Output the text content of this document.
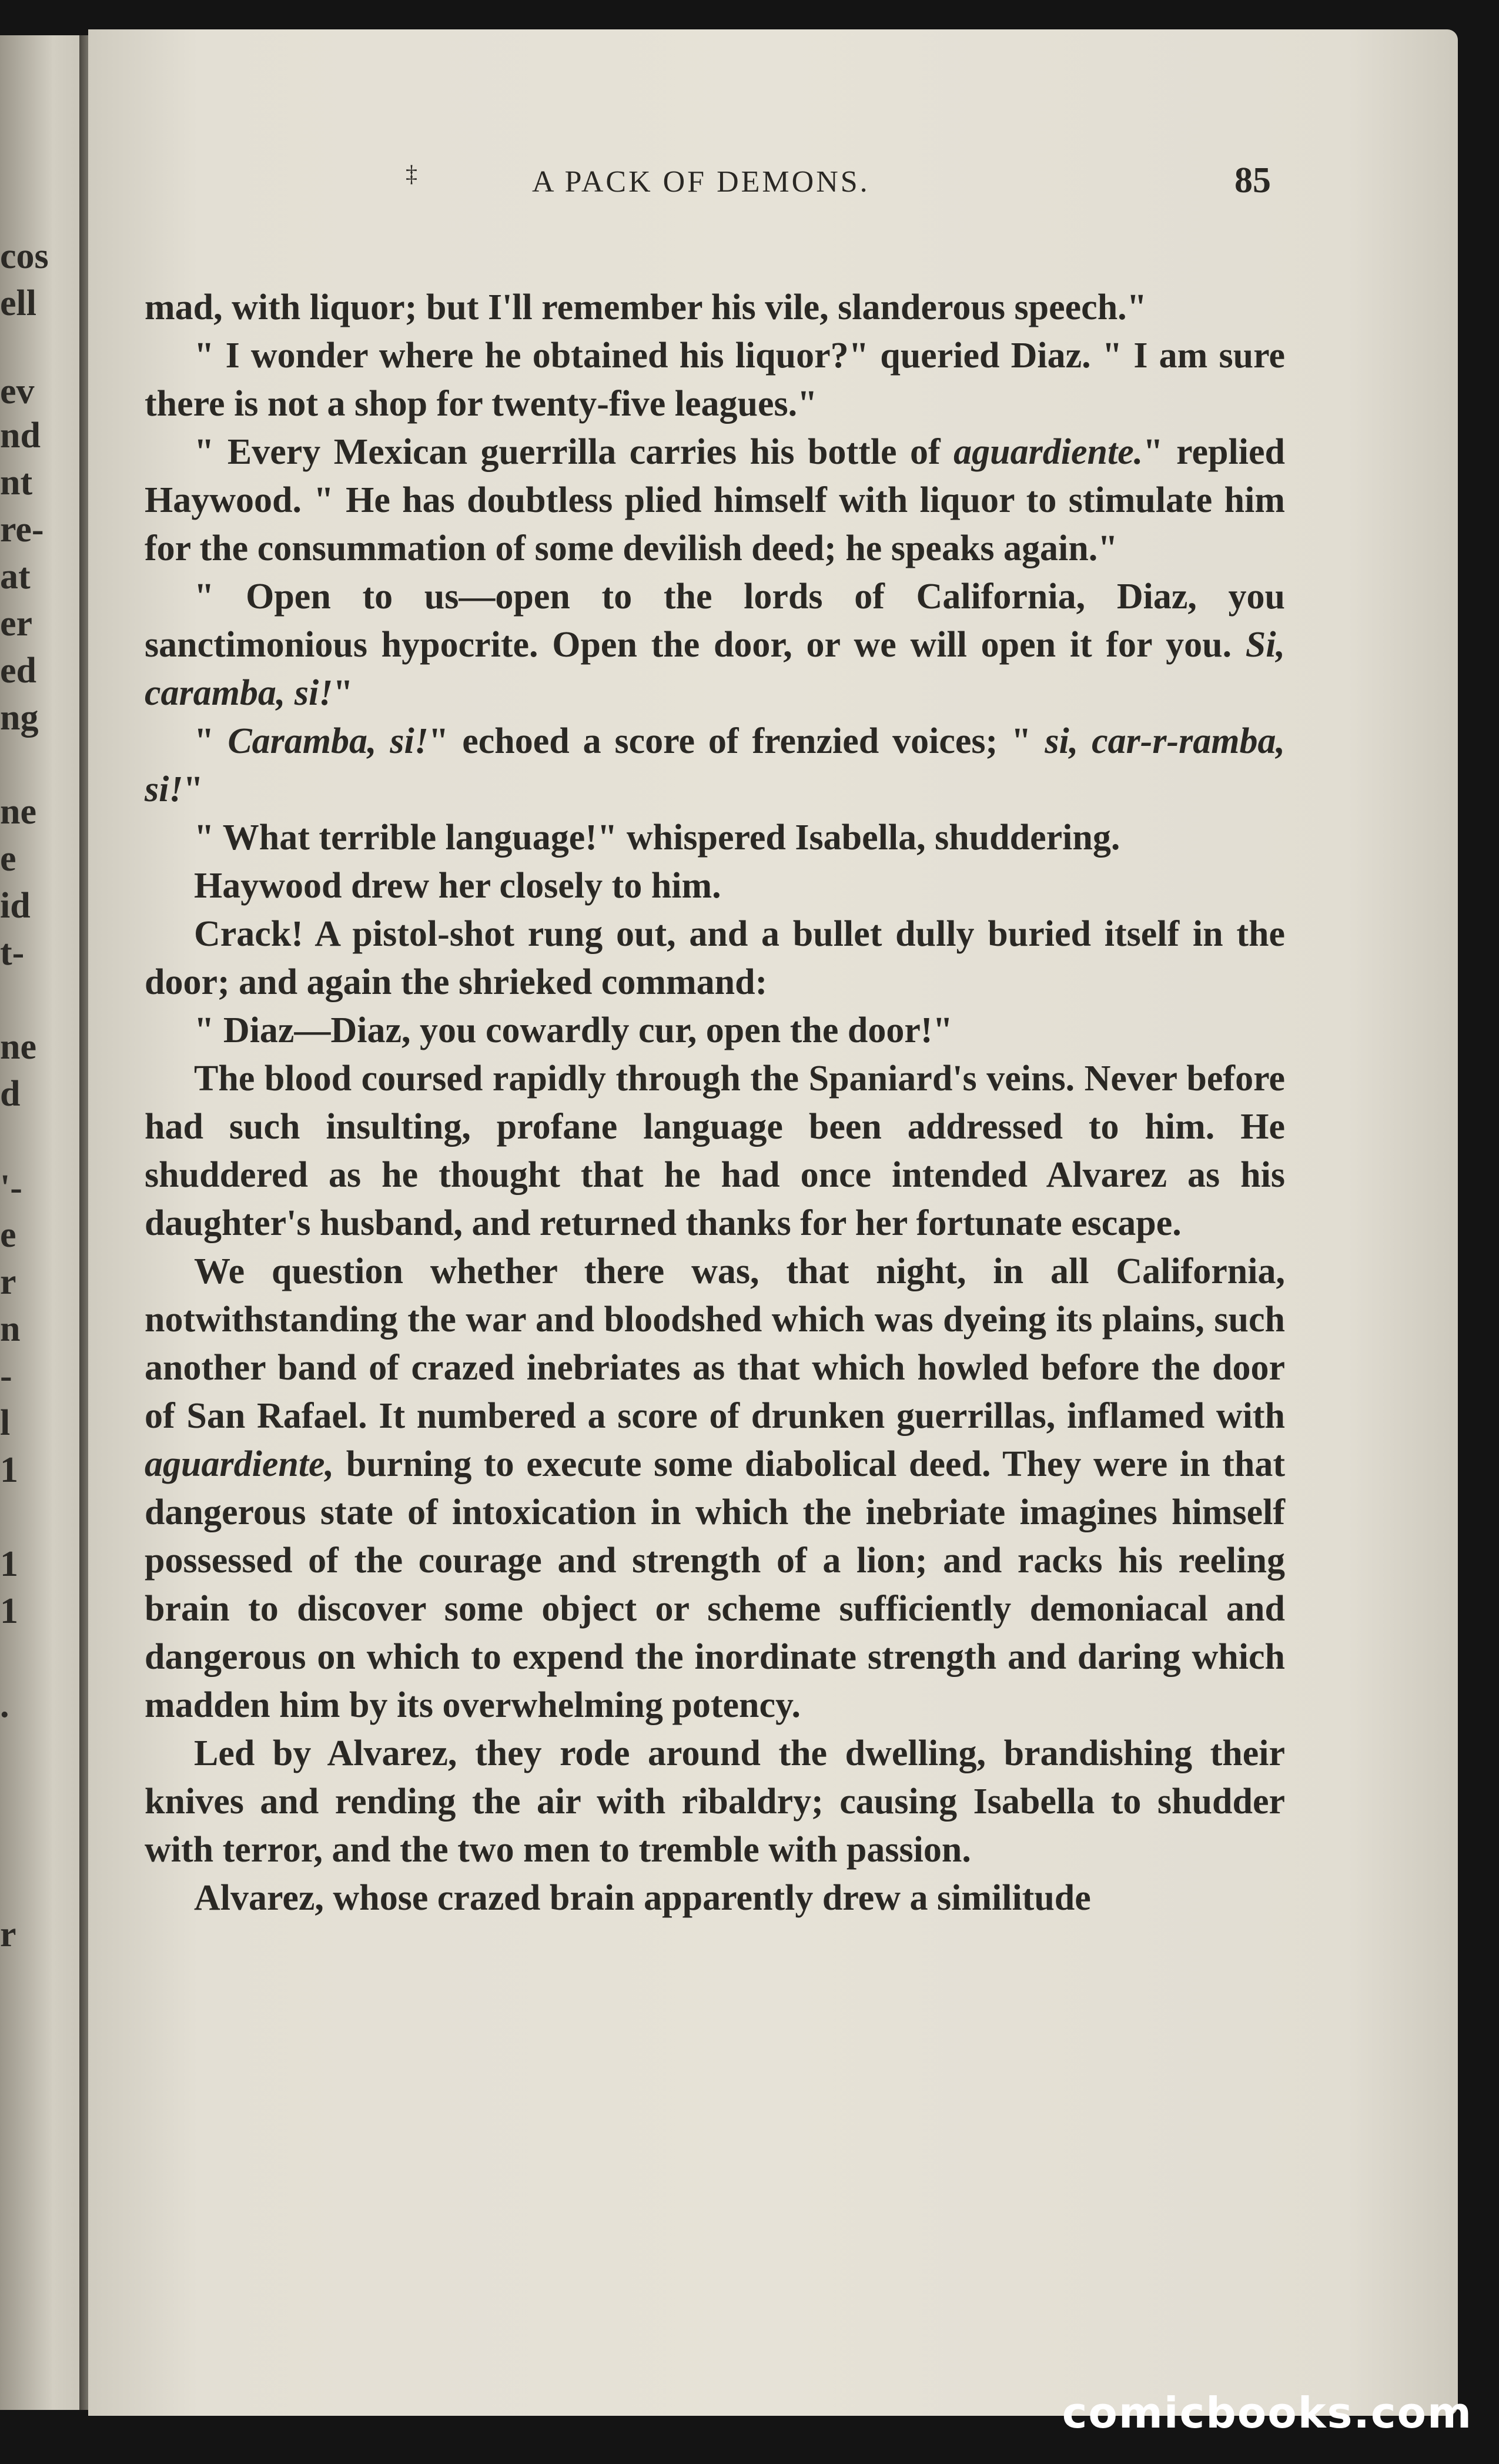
cos
ell
ev
nd
nt
re-
at
er
ed
ng
ne
e
id
t-
ne
d
'-
e
r
n
-
l
1
1
1
.
r
‡	A PACK OF DEMONS.	85

mad, with liquor; but I'll remember his vile, slanderous speech."

" I wonder where he obtained his liquor?" queried Diaz. " I am sure there is not a shop for twenty-five leagues."

" Every Mexican guerrilla carries his bottle of aguardiente." replied Haywood. " He has doubtless plied himself with liquor to stimulate him for the consummation of some devilish deed; he speaks again."

" Open to us—open to the lords of California, Diaz, you sanctimonious hypocrite. Open the door, or we will open it for you. Si, caramba, si!"

" Caramba, si!" echoed a score of frenzied voices; " si, car-r-ramba, si!"

" What terrible language!" whispered Isabella, shuddering.

Haywood drew her closely to him.

Crack! A pistol-shot rung out, and a bullet dully buried itself in the door; and again the shrieked command:

" Diaz—Diaz, you cowardly cur, open the door!"

The blood coursed rapidly through the Spaniard's veins. Never before had such insulting, profane language been addressed to him. He shuddered as he thought that he had once intended Alvarez as his daughter's husband, and returned thanks for her fortunate escape.

We question whether there was, that night, in all California, notwithstanding the war and bloodshed which was dyeing its plains, such another band of crazed inebriates as that which howled before the door of San Rafael. It numbered a score of drunken guerrillas, inflamed with aguardiente, burning to execute some diabolical deed. They were in that dangerous state of intoxication in which the inebriate imagines himself possessed of the courage and strength of a lion; and racks his reeling brain to discover some object or scheme sufficiently demoniacal and dangerous on which to expend the inordinate strength and daring which madden him by its overwhelming potency.

Led by Alvarez, they rode around the dwelling, brandishing their knives and rending the air with ribaldry; causing Isabella to shudder with terror, and the two men to tremble with passion.

Alvarez, whose crazed brain apparently drew a similitude

comicbooks.com
